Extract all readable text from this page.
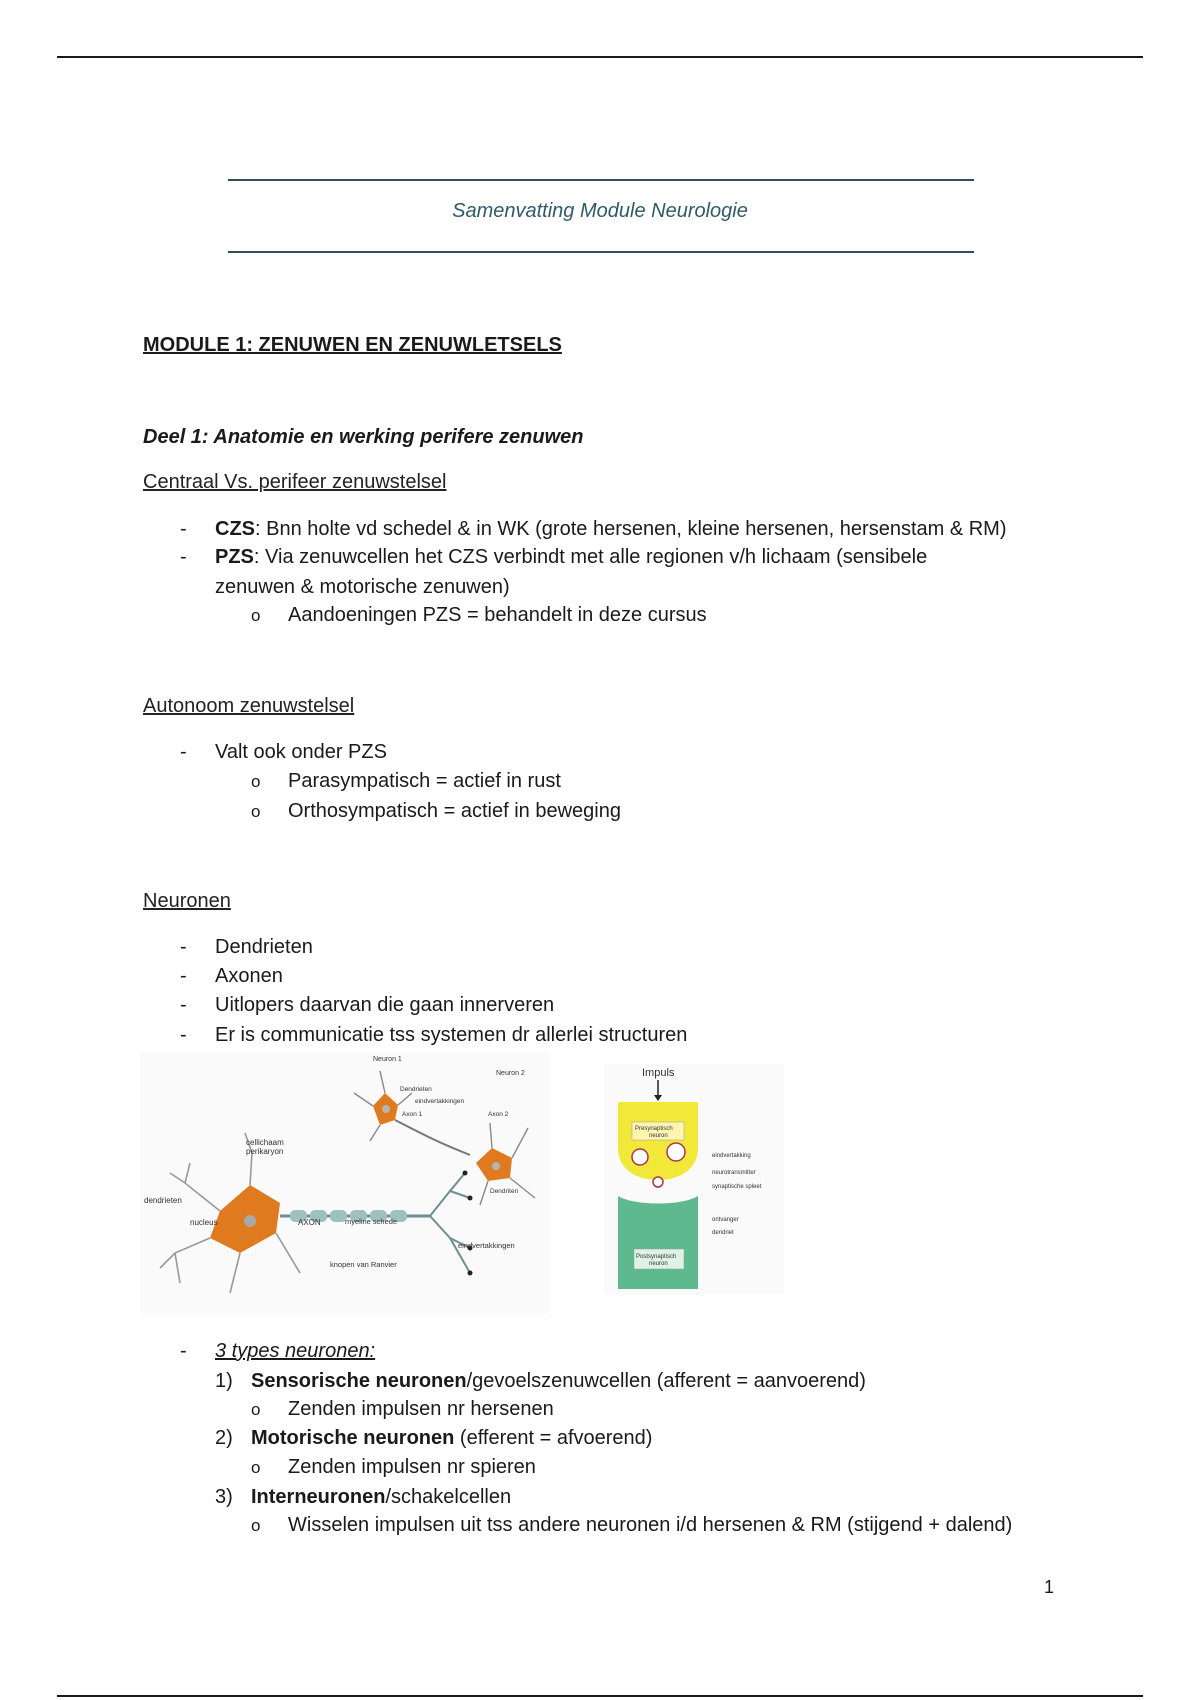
Samenvatting Module Neurologie
MODULE 1: ZENUWEN EN ZENUWLETSELS
Deel 1: Anatomie en werking perifere zenuwen
Centraal Vs. perifeer zenuwstelsel
- CZS: Bnn holte vd schedel & in WK (grote hersenen, kleine hersenen, hersenstam & RM)
- PZS: Via zenuwcellen het CZS verbindt met alle regionen v/h lichaam (sensibele
zenuwen & motorische zenuwen)
o Aandoeningen PZS = behandelt in deze cursus
Autonoom zenuwstelsel
- Valt ook onder PZS
o Parasympatisch = actief in rust
o Orthosympatisch = actief in beweging
Neuronen
- Dendrieten
- Axonen
- Uitlopers daarvan die gaan innerveren
- Er is communicatie tss systemen dr allerlei structuren
Neuron 1
Neuron 2
Dendrieten
eindvertakkingen
Axon 1	Axon 2
Dendriten
cellichaam
perikaryon
dendrieten
nucleus	AXON	myeline schede
eindvertakkingen
knopen van Ranvier
Impuls
Presynaptisch
neuron
Postsynaptisch
neuron
eindvertakking
neurotransmitter
synaptische spleet
ontvanger
dendriet
- 3 types neuronen:
1) Sensorische neuronen/gevoelszenuwcellen (afferent = aanvoerend)
o Zenden impulsen nr hersenen
2) Motorische neuronen (efferent = afvoerend)
o Zenden impulsen nr spieren
3) Interneuronen/schakelcellen
o Wisselen impulsen uit tss andere neuronen i/d hersenen & RM (stijgend + dalend)
1
